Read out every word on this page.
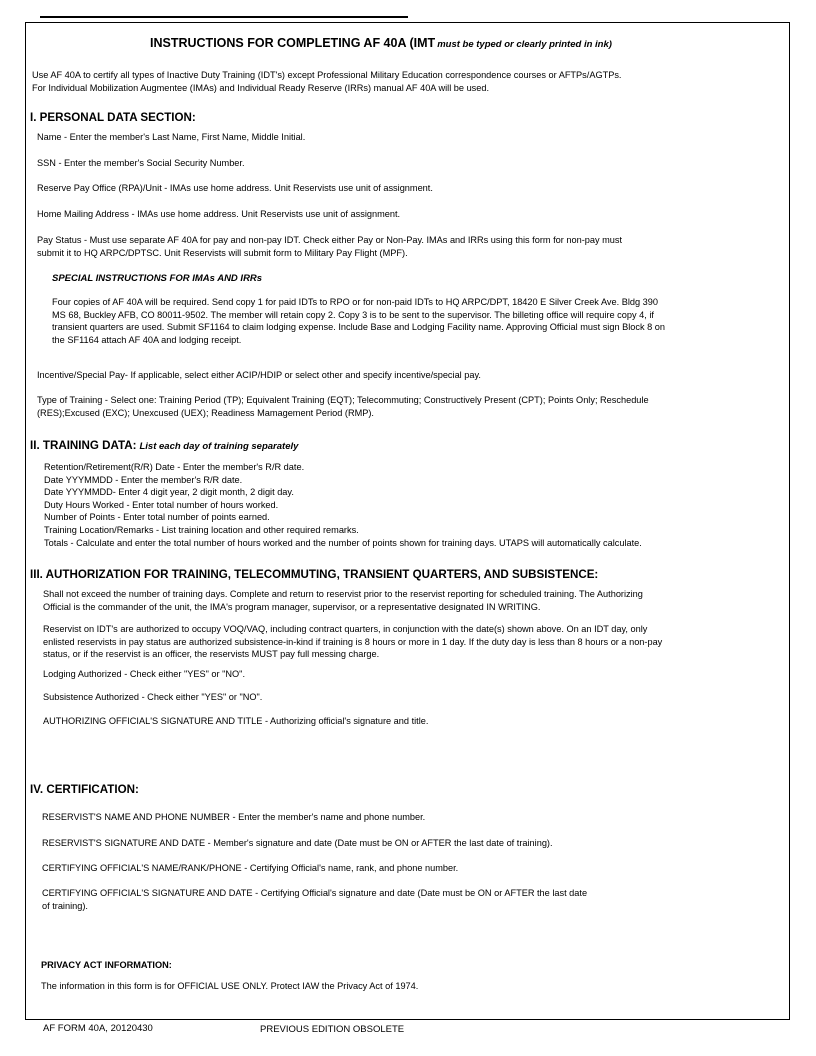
INSTRUCTIONS FOR COMPLETING AF 40A (IMT must be typed or clearly printed in ink)
Use AF 40A to certify all types of Inactive Duty Training (IDT's) except Professional Military Education correspondence courses or AFTPs/AGTPs.
For Individual Mobilization Augmentee (IMAs) and Individual Ready Reserve (IRRs) manual AF 40A will be used.
I. PERSONAL DATA SECTION:
Name - Enter the member's Last Name, First Name, Middle Initial.
SSN - Enter the member's Social Security Number.
Reserve Pay Office (RPA)/Unit - IMAs use home address. Unit Reservists use unit of assignment.
Home Mailing Address - IMAs use home address. Unit Reservists use unit of assignment.
Pay Status - Must use separate AF 40A for pay and non-pay IDT. Check either Pay or Non-Pay. IMAs and IRRs using this form for non-pay must
submit it to HQ ARPC/DPTSC. Unit Reservists will submit form to Military Pay Flight (MPF).
SPECIAL INSTRUCTIONS FOR IMAs AND IRRs
Four copies of AF 40A will be required. Send copy 1 for paid IDTs to RPO or for non-paid IDTs to HQ ARPC/DPT, 18420 E Silver Creek Ave. Bldg 390
MS 68, Buckley AFB, CO 80011-9502. The member will retain copy 2. Copy 3 is to be sent to the supervisor. The billeting office will require copy 4, if
transient quarters are used. Submit SF1164 to claim lodging expense. Include Base and Lodging Facility name. Approving Official must sign Block 8 on
the SF1164 attach AF 40A and lodging receipt.
Incentive/Special Pay- If applicable, select either ACIP/HDIP or select other and specify incentive/special pay.
Type of Training - Select one: Training Period (TP); Equivalent Training (EQT); Telecommuting; Constructively Present (CPT); Points Only; Reschedule
(RES);Excused (EXC); Unexcused (UEX); Readiness Mamagement Period (RMP).
II. TRAINING DATA: List each day of training separately
Retention/Retirement(R/R) Date - Enter the member's R/R date.
Date YYYMMDD - Enter the member's R/R date.
Date YYYMMDD- Enter 4 digit year, 2 digit month, 2 digit day.
Duty Hours Worked - Enter total number of hours worked.
Number of Points - Enter total number of points earned.
Training Location/Remarks - List training location and other required remarks.
Totals - Calculate and enter the total number of hours worked and the number of points shown for training days. UTAPS will automatically calculate.
III. AUTHORIZATION FOR TRAINING, TELECOMMUTING, TRANSIENT QUARTERS, AND SUBSISTENCE:
Shall not exceed the number of training days. Complete and return to reservist prior to the reservist reporting for scheduled training. The Authorizing
Official is the commander of the unit, the IMA's program manager, supervisor, or a representative designated IN WRITING.
Reservist on IDT's are authorized to occupy VOQ/VAQ, including contract quarters, in conjunction with the date(s) shown above. On an IDT day, only
enlisted reservists in pay status are authorized subsistence-in-kind if training is 8 hours or more in 1 day. If the duty day is less than 8 hours or a non-pay
status, or if the reservist is an officer, the reservists MUST pay full messing charge.
Lodging Authorized - Check either "YES" or "NO".
Subsistence Authorized - Check either "YES" or "NO".
AUTHORIZING OFFICIAL'S SIGNATURE AND TITLE - Authorizing official's signature and title.
IV. CERTIFICATION:
RESERVIST'S NAME AND PHONE NUMBER - Enter the member's name and phone number.
RESERVIST'S SIGNATURE AND DATE - Member's signature and date (Date must be ON or AFTER the last date of training).
CERTIFYING OFFICIAL'S NAME/RANK/PHONE - Certifying Official's name, rank, and phone number.
CERTIFYING OFFICIAL'S SIGNATURE AND DATE - Certifying Official's signature and date (Date must be ON or AFTER the last date
of training).
PRIVACY ACT INFORMATION:
The information in this form is for OFFICIAL USE ONLY. Protect IAW the Privacy Act of 1974.
AF FORM 40A, 20120430	PREVIOUS EDITION OBSOLETE
